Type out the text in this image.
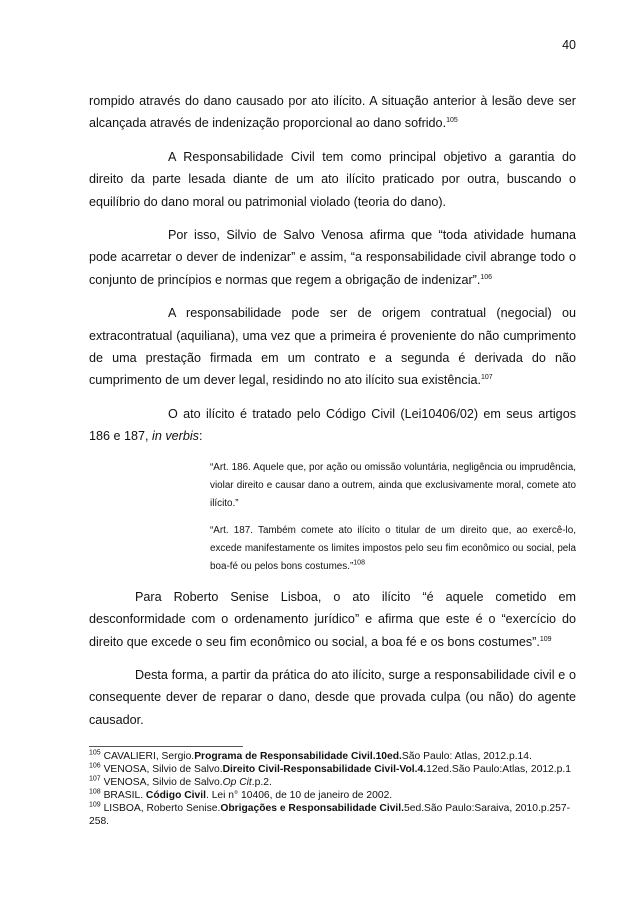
40

rompido através do dano causado por ato ilícito. A situação anterior à lesão deve ser alcançada através de indenização proporcional ao dano sofrido.$^{105}$

A Responsabilidade Civil tem como principal objetivo a garantia do direito da parte lesada diante de um ato ilícito praticado por outra, buscando o equilíbrio do dano moral ou patrimonial violado (teoria do dano).

Por isso, Silvio de Salvo Venosa afirma que “toda atividade humana pode acarretar o dever de indenizar” e assim, “a responsabilidade civil abrange todo o conjunto de princípios e normas que regem a obrigação de indenizar”.$^{106}$

A responsabilidade pode ser de origem contratual (negocial) ou extracontratual (aquiliana), uma vez que a primeira é proveniente do não cumprimento de uma prestação firmada em um contrato e a segunda é derivada do não cumprimento de um dever legal, residindo no ato ilícito sua existência.$^{107}$

O ato ilícito é tratado pelo Código Civil (Lei10406/02) em seus artigos 186 e 187, in verbis:

“Art. 186. Aquele que, por ação ou omissão voluntária, negligência ou imprudência, violar direito e causar dano a outrem, ainda que exclusivamente moral, comete ato ilícito.”

“Art. 187. Também comete ato ilícito o titular de um direito que, ao exercê-lo, excede manifestamente os limites impostos pelo seu fim econômico ou social, pela boa-fé ou pelos bons costumes.”$^{108}$

Para Roberto Senise Lisboa, o ato ilícito “é aquele cometido em desconformidade com o ordenamento jurídico” e afirma que este é o “exercício do direito que excede o seu fim econômico ou social, a boa fé e os bons costumes”.$^{109}$

Desta forma, a partir da prática do ato ilícito, surge a responsabilidade civil e o consequente dever de reparar o dano, desde que provada culpa (ou não) do agente causador.

$^{105}$ CAVALIERI, Sergio.Programa de Responsabilidade Civil.10ed.São Paulo: Atlas, 2012.p.14.
$^{106}$ VENOSA, Silvio de Salvo.Direito Civil-Responsabilidade Civil-Vol.4.12ed.São Paulo:Atlas, 2012.p.1
$^{107}$ VENOSA, Silvio de Salvo.Op Cit.p.2.
$^{108}$ BRASIL. Código Civil. Lei n° 10406, de 10 de janeiro de 2002.
$^{109}$ LISBOA, Roberto Senise.Obrigações e Responsabilidade Civil.5ed.São Paulo:Saraiva, 2010.p.257-258.
